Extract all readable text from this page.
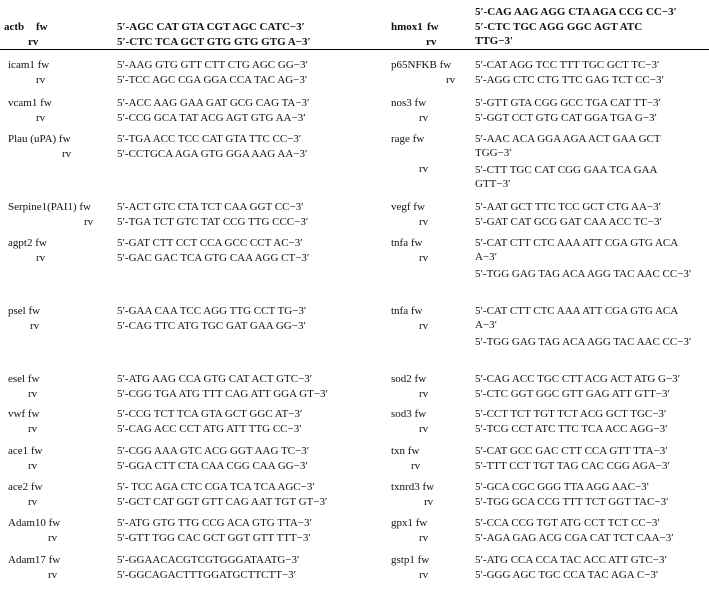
actb fw
rv
5′-AGC CAT GTA CGT AGC CATC−3′
5′-CTC TCA GCT GTG GTG GTG A−3′
hmox1 fw
rv
5′-CAG AAG AGG CTA AGA CCG CC−3′
5′-CTC TGC AGG GGC AGT ATC TTG−3′
icam1 fw
rv
5′-AAG GTG GTT CTT CTG AGC GG−3′
5′-TCC AGC CGA GGA CCA TAC AG−3′
vcam1 fw
rv
5′-ACC AAG GAA GAT GCG CAG TA−3′
5′-CCG GCA TAT ACG AGT GTG AA−3′
Plau (uPA) fw
rv
5′-TGA ACC TCC CAT GTA TTC CC−3′
5′-CCTGCA AGA GTG GGA AAG AA−3′
Serpine1(PAI1) fw
rv
5′-ACT GTC CTA TCT CAA GGT CC−3′
5′-TGA TCT GTC TAT CCG TTG CCC−3′
agpt2 fw
rv
5′-GAT CTT CCT CCA GCC CCT AC−3′
5′-GAC GAC TCA GTG CAA AGG CT−3′
psel fw
rv
5′-GAA CAA TCC AGG TTG CCT TG−3′
5′-CAG TTC ATG TGC GAT GAA GG−3′
esel fw
rv
5′-ATG AAG CCA GTG CAT ACT GTC−3′
5′-CGG TGA ATG TTT CAG ATT GGA GT−3′
vwf fw
rv
5′-CCG TCT TCA GTA GCT GGC AT−3′
5′-CAG ACC CCT ATG ATT TTG CC−3′
ace1 fw
rv
5′-CGG AAA GTC ACG GGT AAG TC−3′
5′-GGA CTT CTA CAA CGG CAA GG−3′
ace2 fw
rv
5′- TCC AGA CTC CGA TCA TCA AGC−3′
5′-GCT CAT GGT GTT CAG AAT TGT GT−3′
Adam10 fw
rv
5′-ATG GTG TTG CCG ACA GTG TTA−3′
5′-GTT TGG CAC GCT GGT GTT TTT−3′
Adam17 fw
rv
5′-GGAACACGTCGTGGGATAATG−3′
5′-GGCAGACTTTGGATGCTTCTT−3′
p65NFKB fw
rv
5′-CAT AGG TCC TTT TGC GCT TC−3′
5′-AGG CTC CTG TTC GAG TCT CC−3′
nos3 fw
rv
5′-GTT GTA CGG GCC TGA CAT TT−3′
5′-GGT CCT GTG CAT GGA TGA G−3′
rage fw
rv
5′-AAC ACA GGA AGA ACT GAA GCT TGG−3′
5′-CTT TGC CAT CGG GAA TCA GAA GTT−3′
vegf fw
rv
5′-AAT GCT TTC TCC GCT CTG AA−3′
5′-GAT CAT GCG GAT CAA ACC TC−3′
tnfa fw
rv
5′-CAT CTT CTC AAA ATT CGA GTG ACA A−3′
5′-TGG GAG TAG ACA AGG TAC AAC CC−3′
tnfa fw
rv
5′-CAT CTT CTC AAA ATT CGA GTG ACA A−3′
5′-TGG GAG TAG ACA AGG TAC AAC CC−3′
sod2 fw
rv
5′-CAG ACC TGC CTT ACG ACT ATG G−3′
5′-CTC GGT GGC GTT GAG ATT GTT−3′
sod3 fw
rv
5′-CCT TCT TGT TCT ACG GCT TGC−3′
5′-TCG CCT ATC TTC TCA ACC AGG−3′
txn fw
rv
5′-CAT GCC GAC CTT CCA GTT TTA−3′
5′-TTT CCT TGT TAG CAC CGG AGA−3′
txnrd3 fw
rv
5′-GCA CGC GGG TTA AGG AAC−3′
5′-TGG GCA CCG TTT TCT GGT TAC−3′
gpx1 fw
rv
5′-CCA CCG TGT ATG CCT TCT CC−3′
5′-AGA GAG ACG CGA CAT TCT CAA−3′
gstp1 fw
rv
5′-ATG CCA CCA TAC ACC ATT GTC−3′
5′-GGG AGC TGC CCA TAC AGA C−3′
